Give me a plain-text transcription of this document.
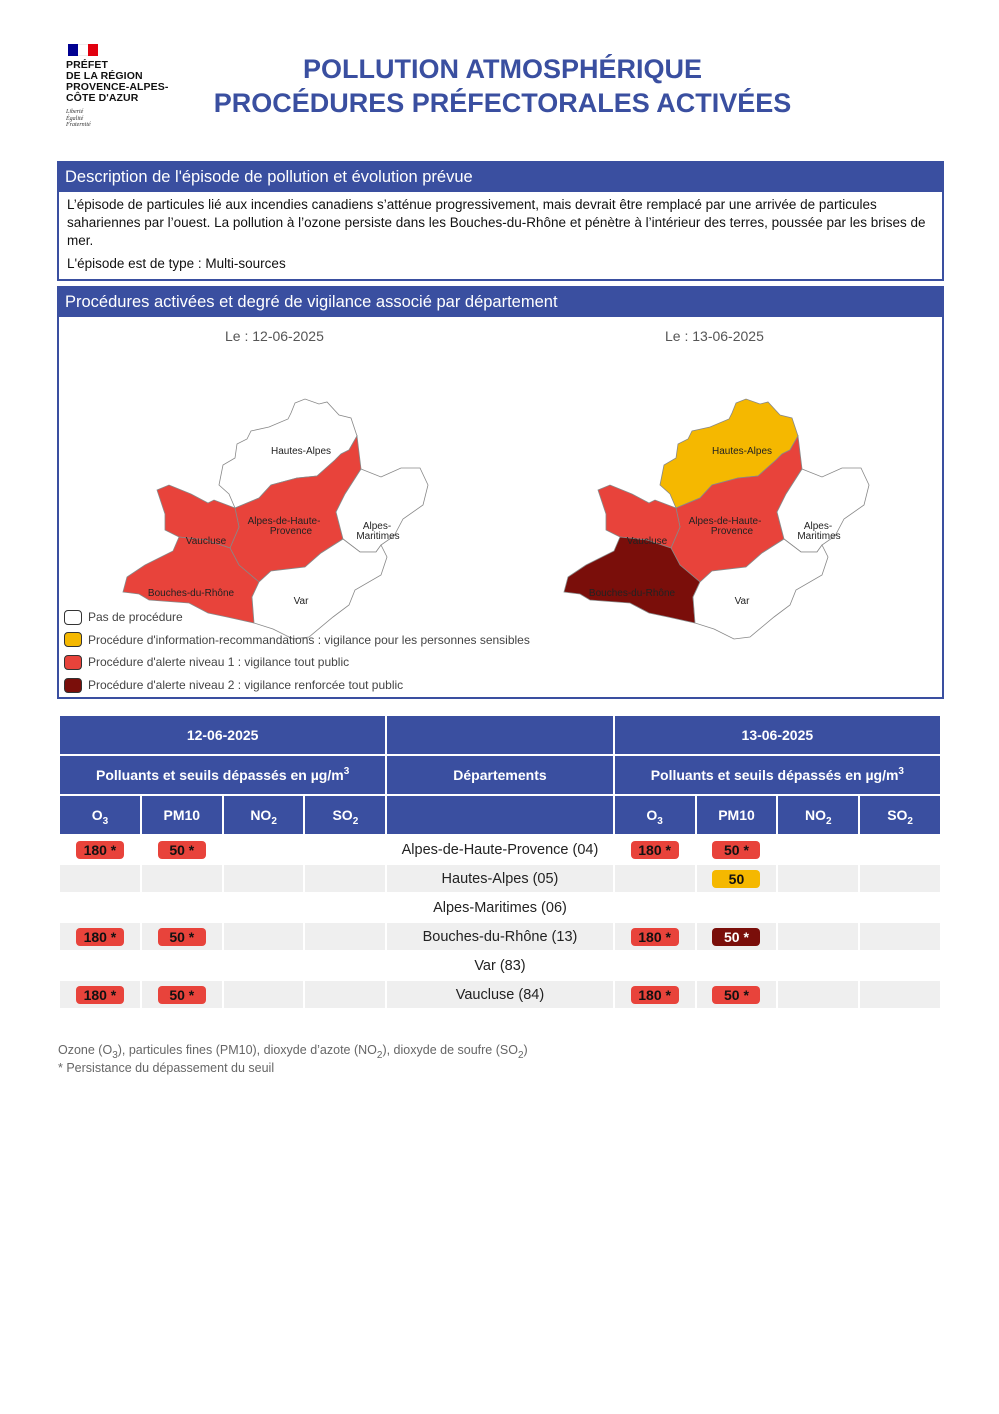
PRÉFET
DE LA RÉGION
PROVENCE-ALPES-
CÔTE D'AZUR
Liberté
Égalité
Fraternité
POLLUTION ATMOSPHÉRIQUE
PROCÉDURES PRÉFECTORALES ACTIVÉES
Description de l'épisode de pollution et évolution prévue

L’épisode de particules lié aux incendies canadiens s’atténue progressivement, mais devrait être remplacé par une arrivée de particules sahariennes par l’ouest. La pollution à l’ozone persiste dans les Bouches-du-Rhône et pénètre à l’intérieur des terres, poussée par les brises de mer.

L'épisode est de type : Multi-sources

Procédures activées et degré de vigilance associé par département
Le : 12-06-2025	Le : 13-06-2025
Hautes-Alpes
Alpes-de-Haute-
Provence	Alpes-
Maritimes
Vaucluse
Bouches-du-Rhône
Var
Hautes-Alpes
Alpes-de-Haute-
Provence	Alpes-
Maritimes
Vaucluse
Bouches-du-Rhône
Var
Pas de procédure
Procédure d'information-recommandations : vigilance pour les personnes sensibles
Procédure d'alerte niveau 1 : vigilance tout public
Procédure d'alerte niveau 2 : vigilance renforcée tout public
12-06-2025					13-06-2025			
Polluants et seuils dépassés en $\mu g/m^3$				Départements	Polluants et seuils dépassés en $\mu g/m^3$
$O_3$	PM10	$NO_2$	$SO_2$		$O_3$	PM10	$NO_2$	$SO_2$
180 *	50 *			Alpes-de-Haute-Provence (04)	180 *	50 *		
				Hautes-Alpes (05)		50		
				Alpes-Maritimes (06)				
180 *	50 *			Bouches-du-Rhône (13)	180 *	50 *		
				Var (83)				
180 *	50 *			Vaucluse (84)	180 *	50 *		
Ozone $(O_3)$, particules fines (PM10), dioxyde d’azote $(NO_2)$, dioxyde de soufre $(SO_2)$
* Persistance du dépassement du seuil
